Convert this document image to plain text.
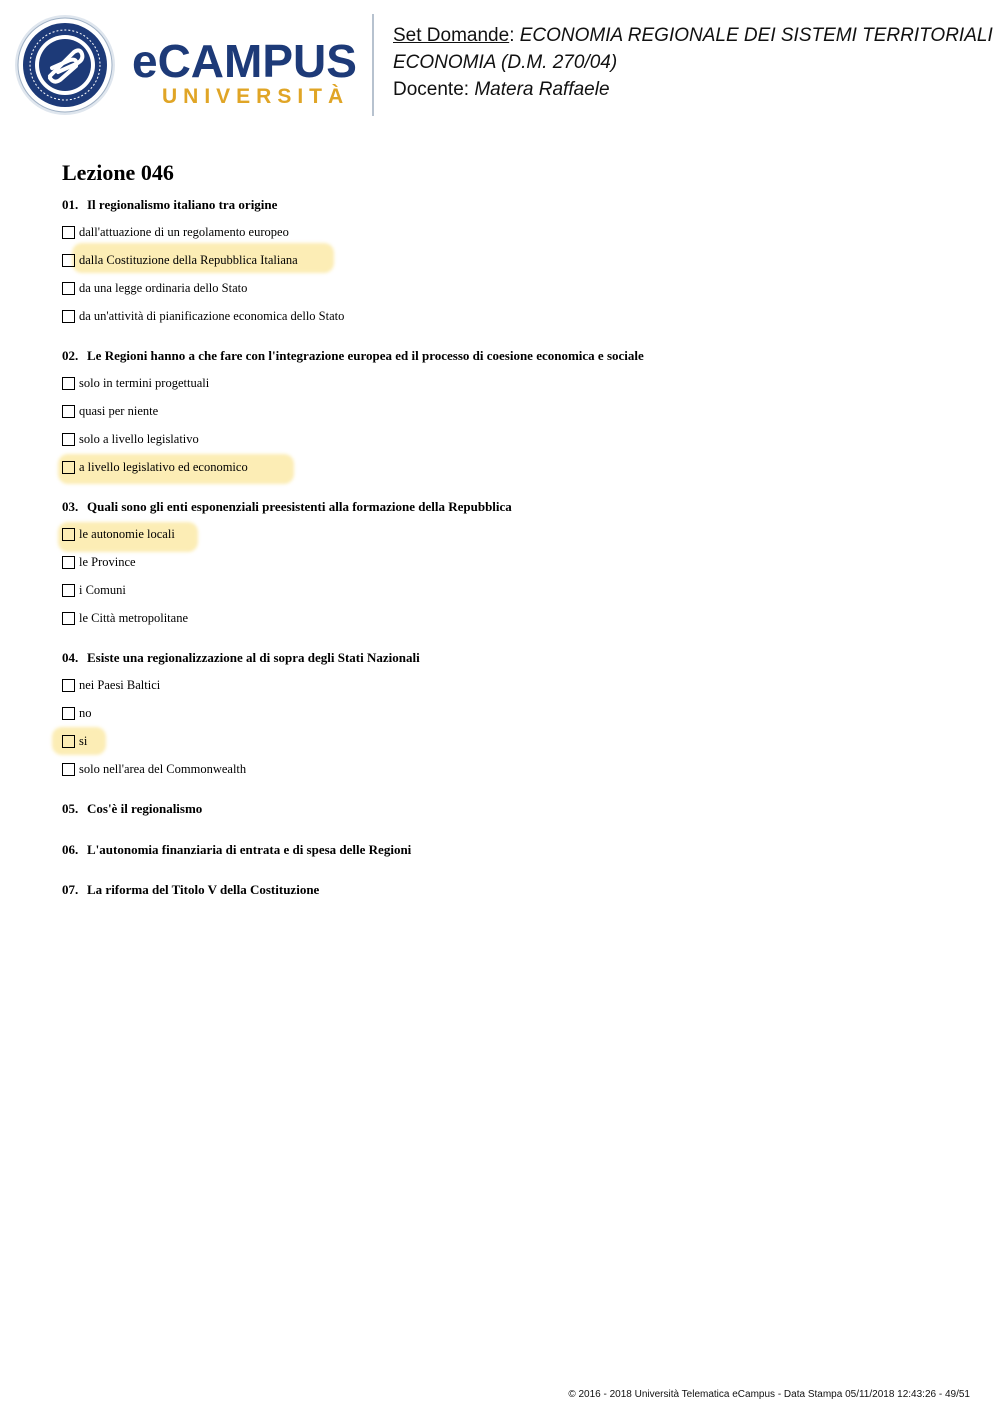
eCAMPUS
UNIVERSITÀ
Set Domande: ECONOMIA REGIONALE DEI SISTEMI TERRITORIALI
ECONOMIA (D.M. 270/04)
Docente: Matera Raffaele
Lezione 046
01. Il regionalismo italiano tra origine
dall'attuazione di un regolamento europeo
dalla Costituzione della Repubblica Italiana
da una legge ordinaria dello Stato
da un'attività di pianificazione economica dello Stato
02. Le Regioni hanno a che fare con l'integrazione europea ed il processo di coesione economica e sociale
solo in termini progettuali
quasi per niente
solo a livello legislativo
a livello legislativo ed economico
03. Quali sono gli enti esponenziali preesistenti alla formazione della Repubblica
le autonomie locali
le Province
i Comuni
le Città metropolitane
04. Esiste una regionalizzazione al di sopra degli Stati Nazionali
nei Paesi Baltici
no
si
solo nell'area del Commonwealth
05. Cos'è il regionalismo
06. L'autonomia finanziaria di entrata e di spesa delle Regioni
07. La riforma del Titolo V della Costituzione
© 2016 - 2018 Università Telematica eCampus - Data Stampa 05/11/2018 12:43:26 - 49/51
